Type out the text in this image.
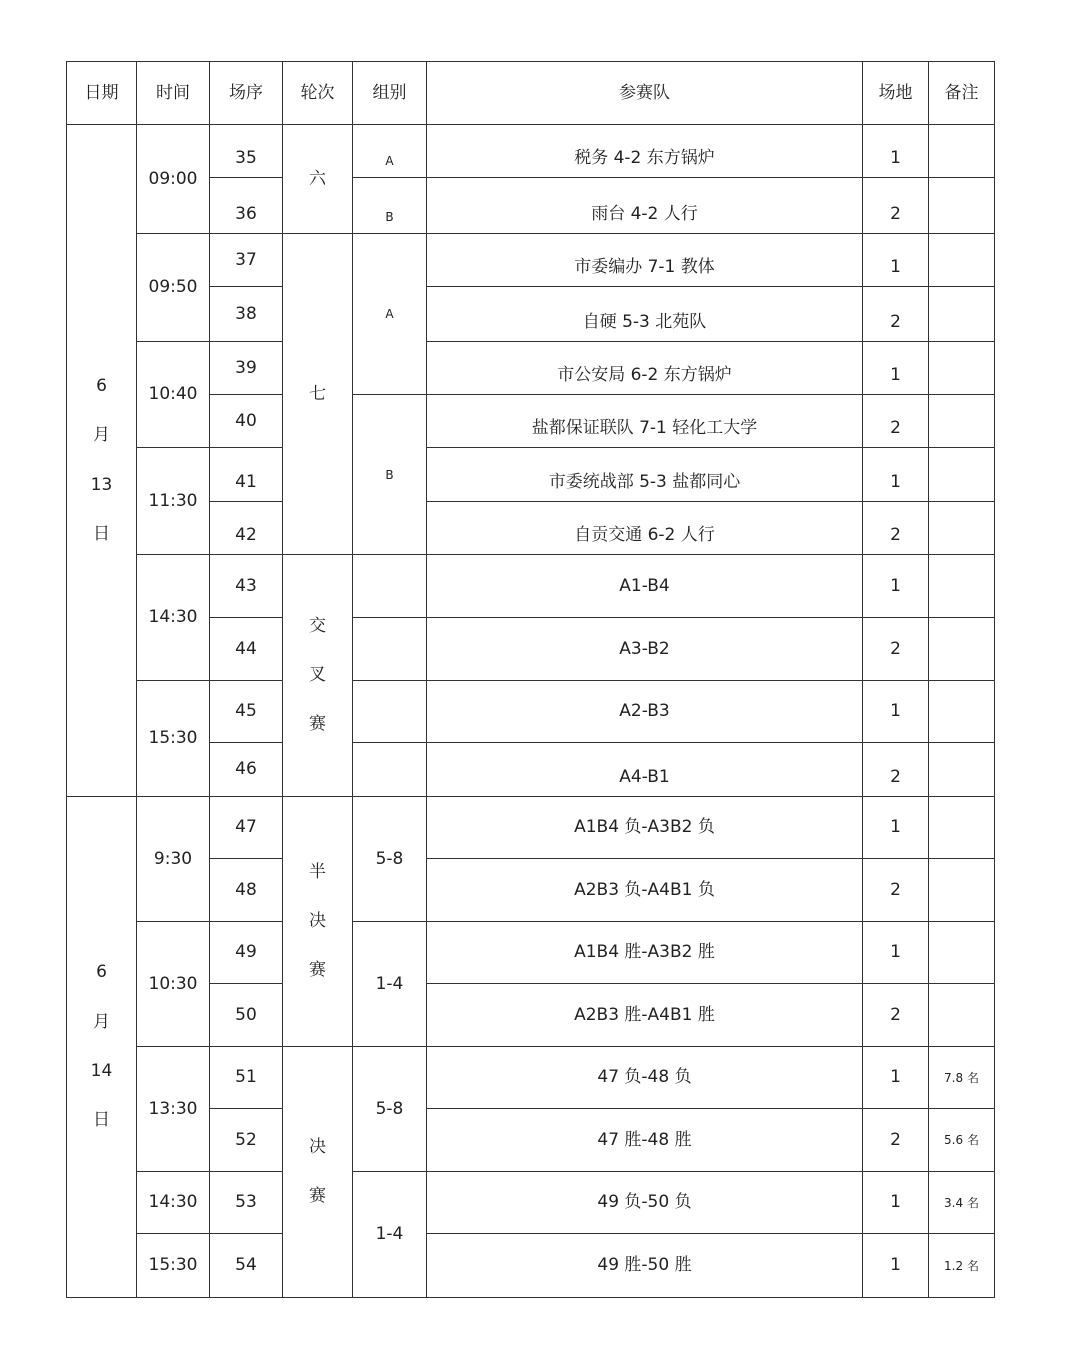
日期	时间	场序	轮次	组别	参赛队	场地	备注

6
月
13
日	09:00	35	六	A	税务 4-2 东方锅炉	1	
		36		B	雨台 4-2 人行	2	
	09:50	37	七	A	市委编办 7-1 教体	1	
		38			自硬 5-3 北苑队	2	
	10:40	39			市公安局 6-2 东方锅炉	1	
		40		B	盐都保证联队 7-1 轻化工大学	2	
	11:30	41			市委统战部 5-3 盐都同心	1	
		42			自贡交通 6-2 人行	2	
	14:30	43	交
叉
赛		A1-B4	1	
		44			A3-B2	2	
	15:30	45			A2-B3	1	
		46			A4-B1	2	

6
月
14
日	9:30	47	半
决
赛	5-8	A1B4 负-A3B2 负	1	
		48			A2B3 负-A4B1 负	2	
	10:30	49		1-4	A1B4 胜-A3B2 胜	1	
		50			A2B3 胜-A4B1 胜	2	
	13:30	51	决
赛	5-8	47 负-48 负	1	7.8 名
		52			47 胜-48 胜	2	5.6 名
	14:30	53		1-4	49 负-50 负	1	3.4 名
	15:30	54			49 胜-50 胜	1	1.2 名
